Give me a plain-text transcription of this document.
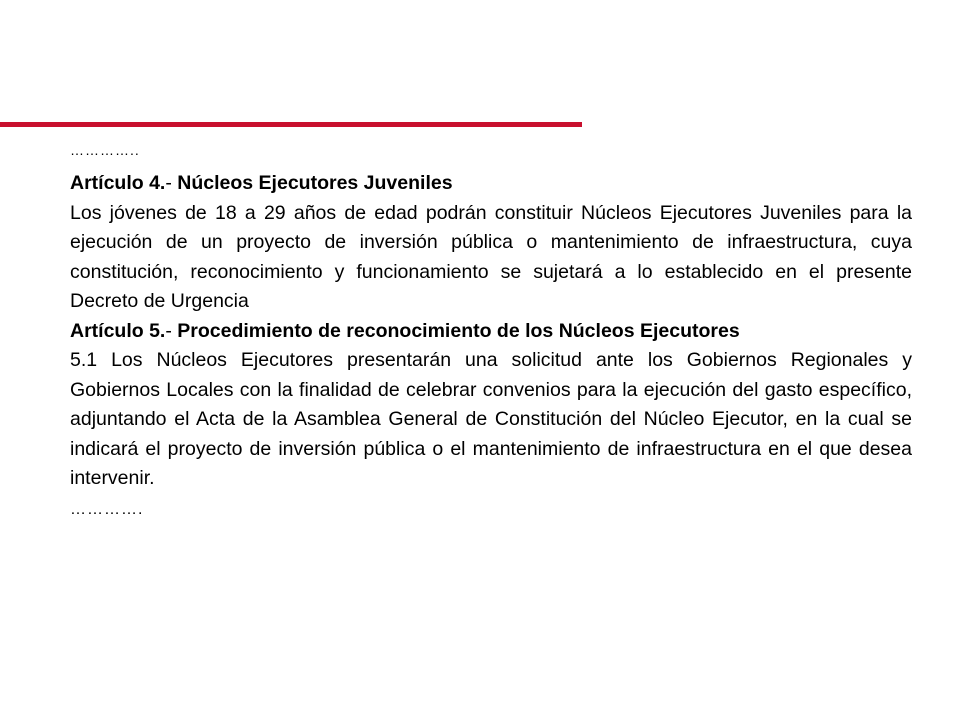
…………..
Artículo 4.- Núcleos Ejecutores Juveniles
Los jóvenes de 18 a 29 años de edad podrán constituir Núcleos Ejecutores Juveniles para la ejecución de un proyecto de inversión pública o mantenimiento de infraestructura, cuya constitución, reconocimiento y funcionamiento se sujetará a lo establecido en el presente Decreto de Urgencia
Artículo 5.- Procedimiento de reconocimiento de los Núcleos Ejecutores
5.1 Los Núcleos Ejecutores presentarán una solicitud ante los Gobiernos Regionales y Gobiernos Locales con la finalidad de celebrar convenios para la ejecución del gasto específico, adjuntando el Acta de la Asamblea General de Constitución del Núcleo Ejecutor, en la cual se indicará el proyecto de inversión pública o el mantenimiento de infraestructura en el que desea intervenir.
………….
